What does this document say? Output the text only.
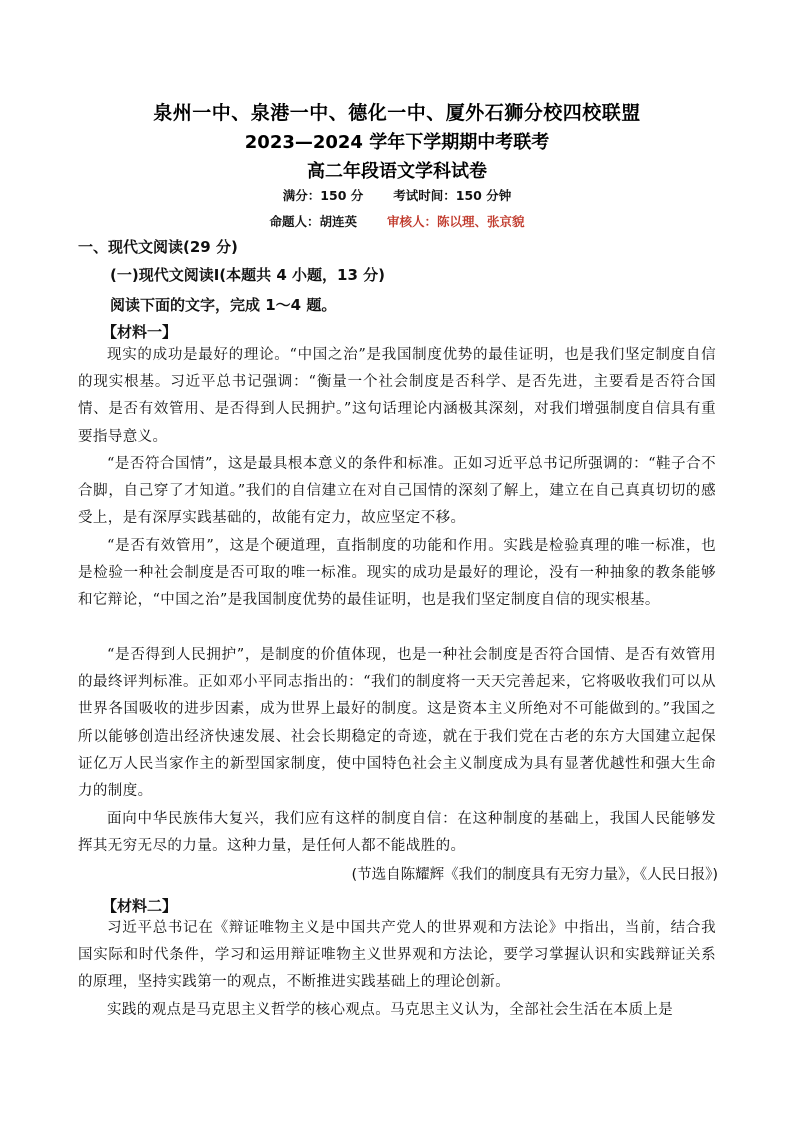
泉州一中、泉港一中、德化一中、厦外石狮分校四校联盟
2023—2024 学年下学期期中考联考
高二年段语文学科试卷
满分：150 分 考试时间：150 分钟
命题人：胡连英 审核人：陈以理、张京貌
一、现代文阅读(29 分)
(一)现代文阅读Ⅰ(本题共 4 小题，13 分)
阅读下面的文字，完成 1～4 题。
【材料一】
现实的成功是最好的理论。“中国之治”是我国制度优势的最佳证明，也是我们坚定制度自信的现实根基。习近平总书记强调：“衡量一个社会制度是否科学、是否先进，主要看是否符合国情、是否有效管用、是否得到人民拥护。”这句话理论内涵极其深刻，对我们增强制度自信具有重要指导意义。
“是否符合国情”，这是最具根本意义的条件和标准。正如习近平总书记所强调的：“鞋子合不合脚，自己穿了才知道。”我们的自信建立在对自己国情的深刻了解上，建立在自己真真切切的感受上，是有深厚实践基础的，故能有定力，故应坚定不移。
“是否有效管用”，这是个硬道理，直指制度的功能和作用。实践是检验真理的唯一标准，也是检验一种社会制度是否可取的唯一标准。现实的成功是最好的理论，没有一种抽象的教条能够和它辩论，“中国之治”是我国制度优势的最佳证明，也是我们坚定制度自信的现实根基。
“是否得到人民拥护”，是制度的价值体现，也是一种社会制度是否符合国情、是否有效管用的最终评判标准。正如邓小平同志指出的：“我们的制度将一天天完善起来，它将吸收我们可以从世界各国吸收的进步因素，成为世界上最好的制度。这是资本主义所绝对不可能做到的。”我国之所以能够创造出经济快速发展、社会长期稳定的奇迹，就在于我们党在古老的东方大国建立起保证亿万人民当家作主的新型国家制度，使中国特色社会主义制度成为具有显著优越性和强大生命力的制度。
面向中华民族伟大复兴，我们应有这样的制度自信：在这种制度的基础上，我国人民能够发挥其无穷无尽的力量。这种力量，是任何人都不能战胜的。
(节选自陈耀辉《我们的制度具有无穷力量》，《人民日报》)
【材料二】
习近平总书记在《辩证唯物主义是中国共产党人的世界观和方法论》中指出，当前，结合我国实际和时代条件，学习和运用辩证唯物主义世界观和方法论，要学习掌握认识和实践辩证关系的原理，坚持实践第一的观点，不断推进实践基础上的理论创新。
实践的观点是马克思主义哲学的核心观点。马克思主义认为，全部社会生活在本质上是
